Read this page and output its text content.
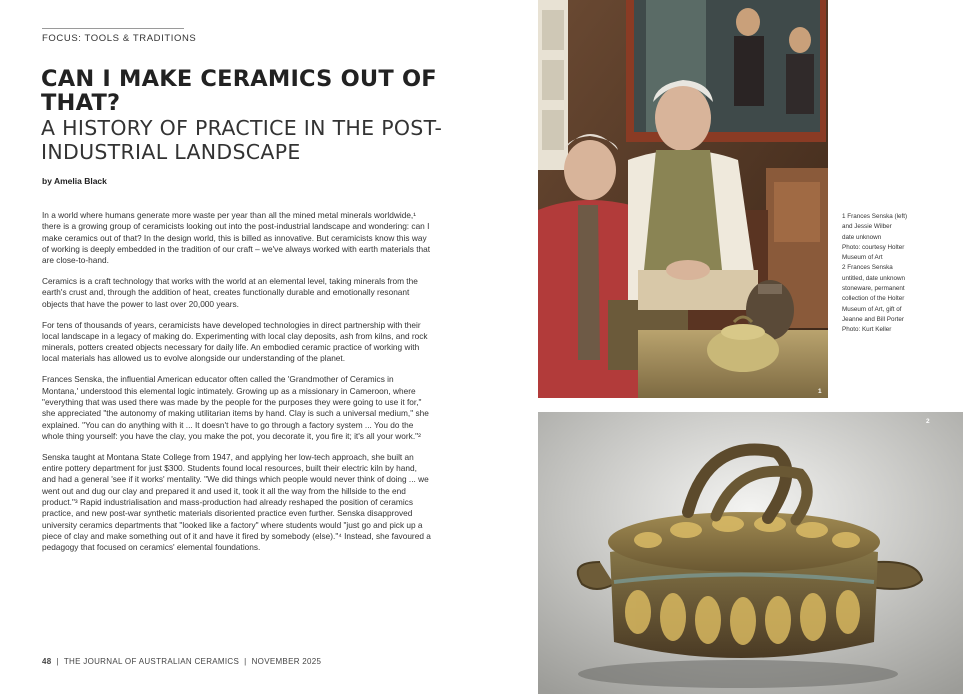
FOCUS: TOOLS & TRADITIONS
CAN I MAKE CERAMICS OUT OF THAT?
A HISTORY OF PRACTICE IN THE POST-INDUSTRIAL LANDSCAPE
by Amelia Black

In a world where humans generate more waste per year than all the mined metal minerals worldwide,¹ there is a growing group of ceramicists looking out into the post-industrial landscape and wondering: can I make ceramics out of that? In the design world, this is billed as innovative. But ceramicists know this way of working is deeply embedded in the tradition of our craft – we've always worked with earth materials that are close-to-hand.

Ceramics is a craft technology that works with the world at an elemental level, taking minerals from the earth's crust and, through the addition of heat, creates functionally durable and emotionally resonant objects that have the power to last over 20,000 years.

For tens of thousands of years, ceramicists have developed technologies in direct partnership with their local landscape in a legacy of making do. Experimenting with local clay deposits, ash from kilns, and rock minerals, potters created objects necessary for daily life. An embodied ceramic practice of working with local materials has allowed us to evolve alongside our understanding of the planet.

Frances Senska, the influential American educator often called the 'Grandmother of Ceramics in Montana,' understood this elemental logic intimately. Growing up as a missionary in Cameroon, where "everything that was used there was made by the people for the purposes they were going to use it for," she appreciated "the autonomy of making utilitarian items by hand. Clay is such a universal medium," she explained. "You can do anything with it ... It doesn't have to go through a factory system ... You do the whole thing yourself: you have the clay, you make the pot, you decorate it, you fire it; it's all your work."²

Senska taught at Montana State College from 1947, and applying her low-tech approach, she built an entire pottery department for just $300. Students found local resources, built their electric kiln by hand, and had a general 'see if it works' mentality. "We did things which people would never think of doing ... we went out and dug our clay and prepared it and used it, took it all the way from the hillside to the end product."³ Rapid industrialisation and mass-production had already reshaped the position of ceramics practice, and new post-war synthetic materials disoriented practice even further. Senska disapproved university ceramics departments that "looked like a factory" where students would "just go and pick up a piece of clay and make something out of it and have it fired by somebody (else)."⁴ Instead, she favoured a pedagogy that focused on ceramics' elemental foundations.

48 | THE JOURNAL OF AUSTRALIAN CERAMICS | NOVEMBER 2025
1
1 Frances Senska (left)
and Jessie Wilber
date unknown
Photo: courtesy Holter
Museum of Art
2 Frances Senska
untitled, date unknown
stoneware, permanent
collection of the Holter
Museum of Art, gift of
Jeanne and Bill Porter
Photo: Kurt Keller
2
